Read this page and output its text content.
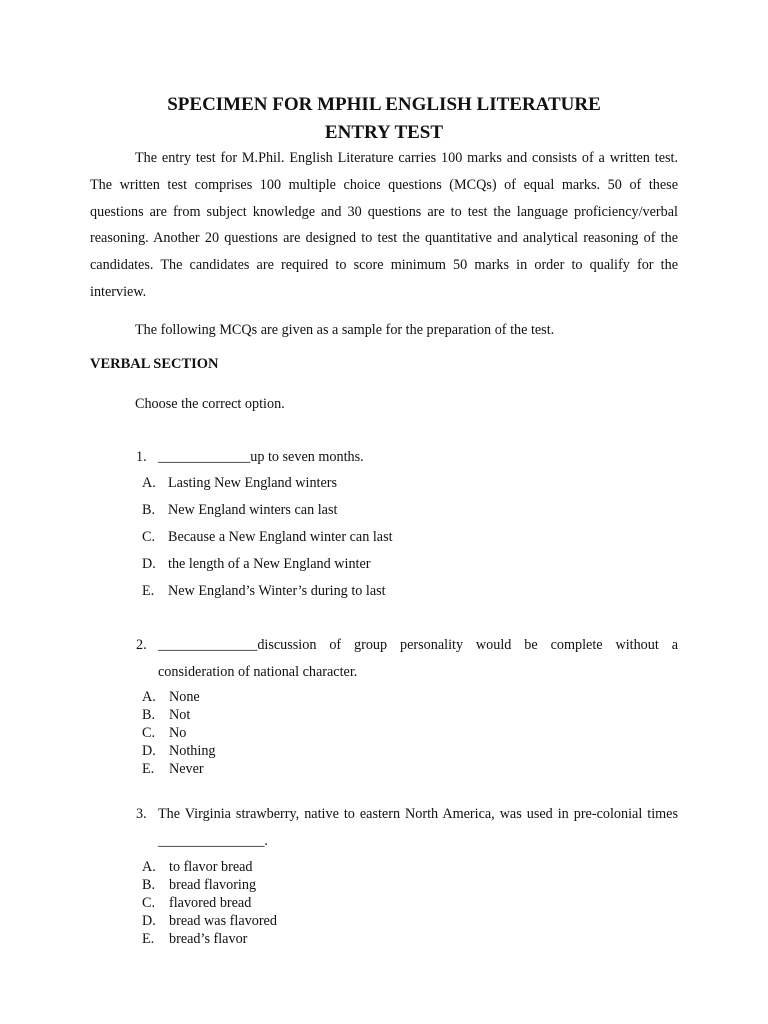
SPECIMEN FOR MPHIL ENGLISH LITERATURE
ENTRY TEST

The entry test for M.Phil. English Literature carries 100 marks and consists of a written test. The written test comprises 100 multiple choice questions (MCQs) of equal marks. 50 of these questions are from subject knowledge and 30 questions are to test the language proficiency/verbal reasoning. Another 20 questions are designed to test the quantitative and analytical reasoning of the candidates. The candidates are required to score minimum 50 marks in order to qualify for the interview.

The following MCQs are given as a sample for the preparation of the test.
VERBAL SECTION
Choose the correct option.
1. _____________up to seven months.
A. Lasting New England winters
B. New England winters can last
C. Because a New England winter can last
D. the length of a New England winter
E. New England’s Winter’s during to last
2. ______________discussion of group personality would be complete without a consideration of national character.
A. None
B. Not
C. No
D. Nothing
E. Never
3. The Virginia strawberry, native to eastern North America, was used in pre-colonial times _______________.
A. to flavor bread
B. bread flavoring
C. flavored bread
D. bread was flavored
E. bread’s flavor
